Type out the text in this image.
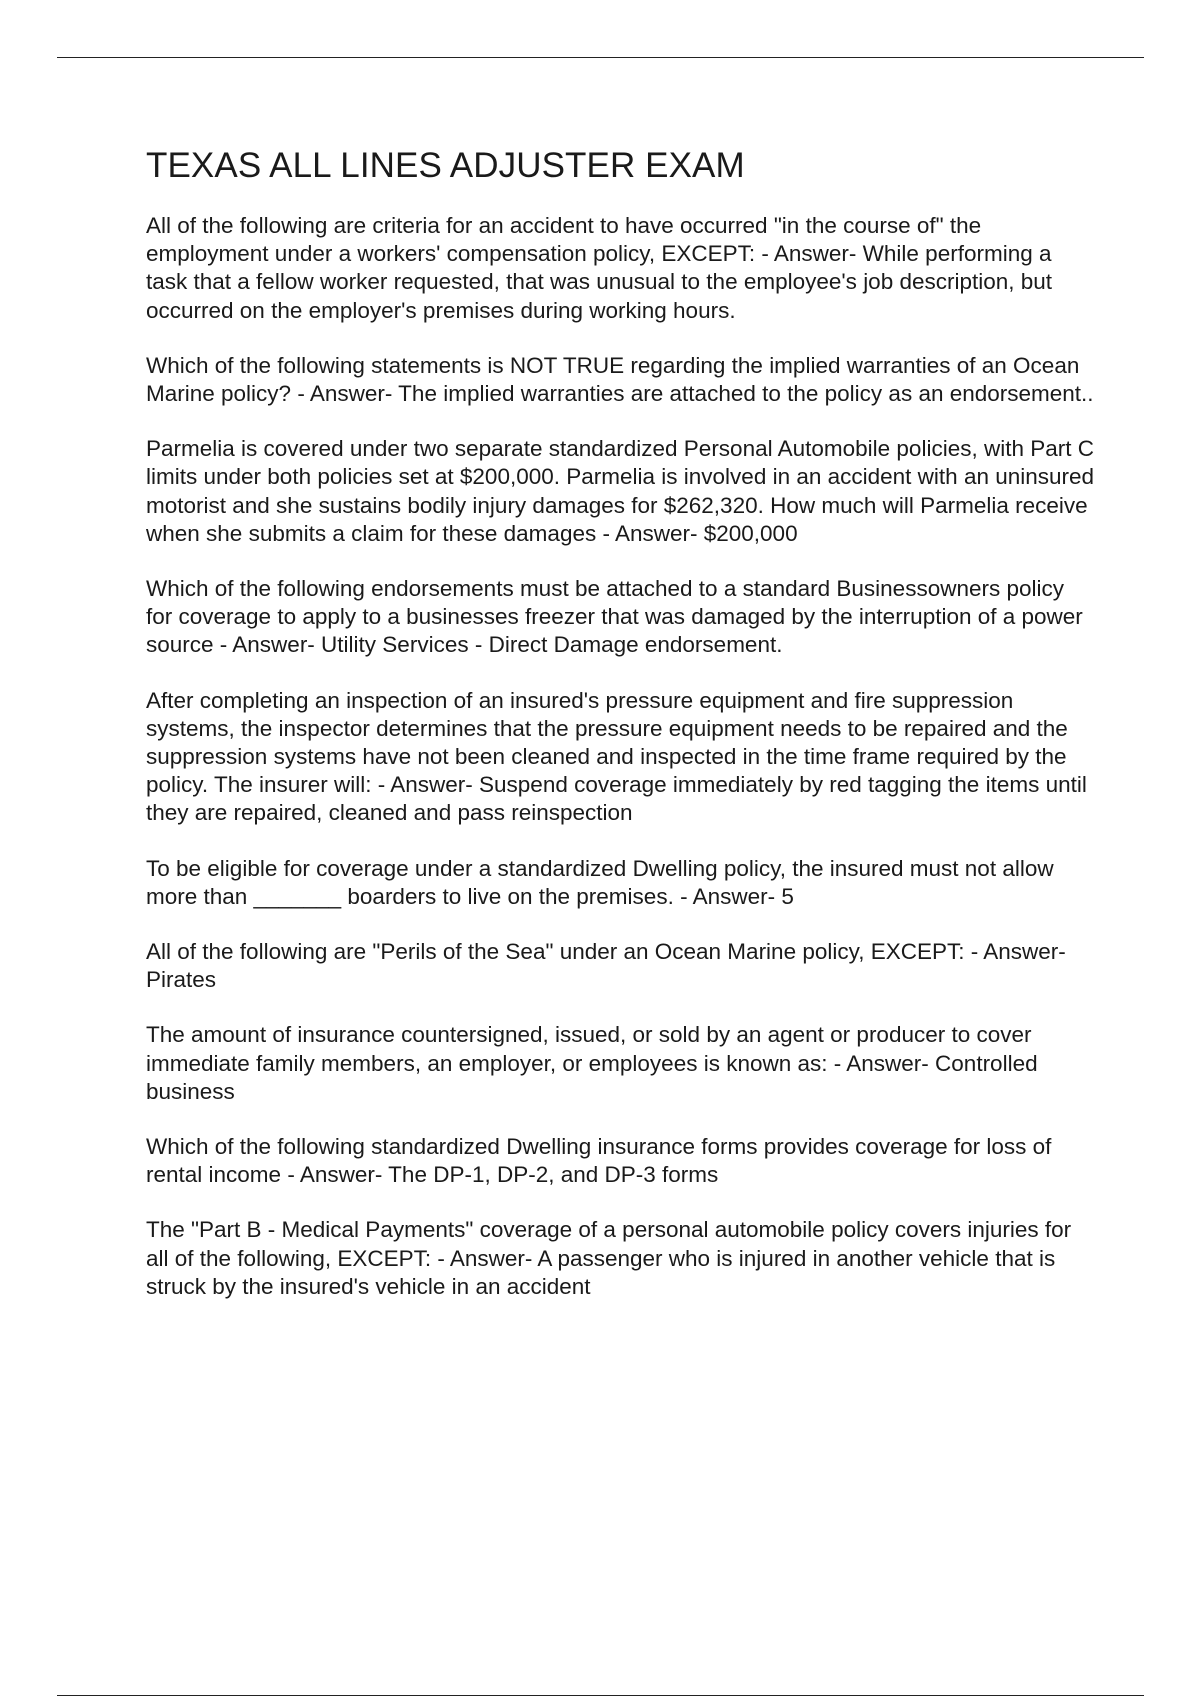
TEXAS ALL LINES ADJUSTER EXAM

All of the following are criteria for an accident to have occurred "in the course of" the employment under a workers' compensation policy, EXCEPT: - Answer- While performing a task that a fellow worker requested, that was unusual to the employee's job description, but occurred on the employer's premises during working hours.

Which of the following statements is NOT TRUE regarding the implied warranties of an Ocean Marine policy? - Answer- The implied warranties are attached to the policy as an endorsement..

Parmelia is covered under two separate standardized Personal Automobile policies, with Part C limits under both policies set at $200,000. Parmelia is involved in an accident with an uninsured motorist and she sustains bodily injury damages for $262,320. How much will Parmelia receive when she submits a claim for these damages - Answer- $200,000

Which of the following endorsements must be attached to a standard Businessowners policy for coverage to apply to a businesses freezer that was damaged by the interruption of a power source - Answer- Utility Services - Direct Damage endorsement.

After completing an inspection of an insured's pressure equipment and fire suppression systems, the inspector determines that the pressure equipment needs to be repaired and the suppression systems have not been cleaned and inspected in the time frame required by the policy. The insurer will: - Answer- Suspend coverage immediately by red tagging the items until they are repaired, cleaned and pass reinspection

To be eligible for coverage under a standardized Dwelling policy, the insured must not allow more than _______ boarders to live on the premises. - Answer- 5

All of the following are "Perils of the Sea" under an Ocean Marine policy, EXCEPT: - Answer- Pirates

The amount of insurance countersigned, issued, or sold by an agent or producer to cover immediate family members, an employer, or employees is known as: - Answer- Controlled business

Which of the following standardized Dwelling insurance forms provides coverage for loss of rental income - Answer- The DP-1, DP-2, and DP-3 forms

The "Part B - Medical Payments" coverage of a personal automobile policy covers injuries for all of the following, EXCEPT: - Answer- A passenger who is injured in another vehicle that is struck by the insured's vehicle in an accident
